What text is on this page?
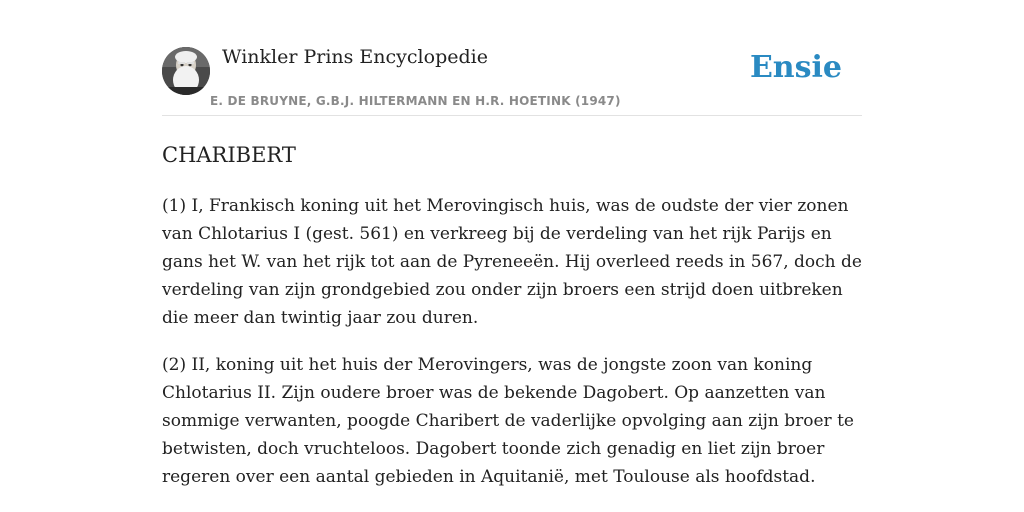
Winkler Prins Encyclopedie
E. DE BRUYNE, G.B.J. HILTERMANN EN H.R. HOETINK (1947)
Ensie
CHARIBERT

(1) I, Frankisch koning uit het Merovingisch huis, was de oudste der vier zonen van Chlotarius I (gest. 561) en verkreeg bij de verdeling van het rijk Parijs en gans het W. van het rijk tot aan de Pyreneeën. Hij overleed reeds in 567, doch de verdeling van zijn grondgebied zou onder zijn broers een strijd doen uitbreken die meer dan twintig jaar zou duren.

(2) II, koning uit het huis der Merovingers, was de jongste zoon van koning Chlotarius II. Zijn oudere broer was de bekende Dagobert. Op aanzetten van sommige verwanten, poogde Charibert de vaderlijke opvolging aan zijn broer te betwisten, doch vruchteloos. Dagobert toonde zich genadig en liet zijn broer regeren over een aantal gebieden in Aquitanië, met Toulouse als hoofdstad.
